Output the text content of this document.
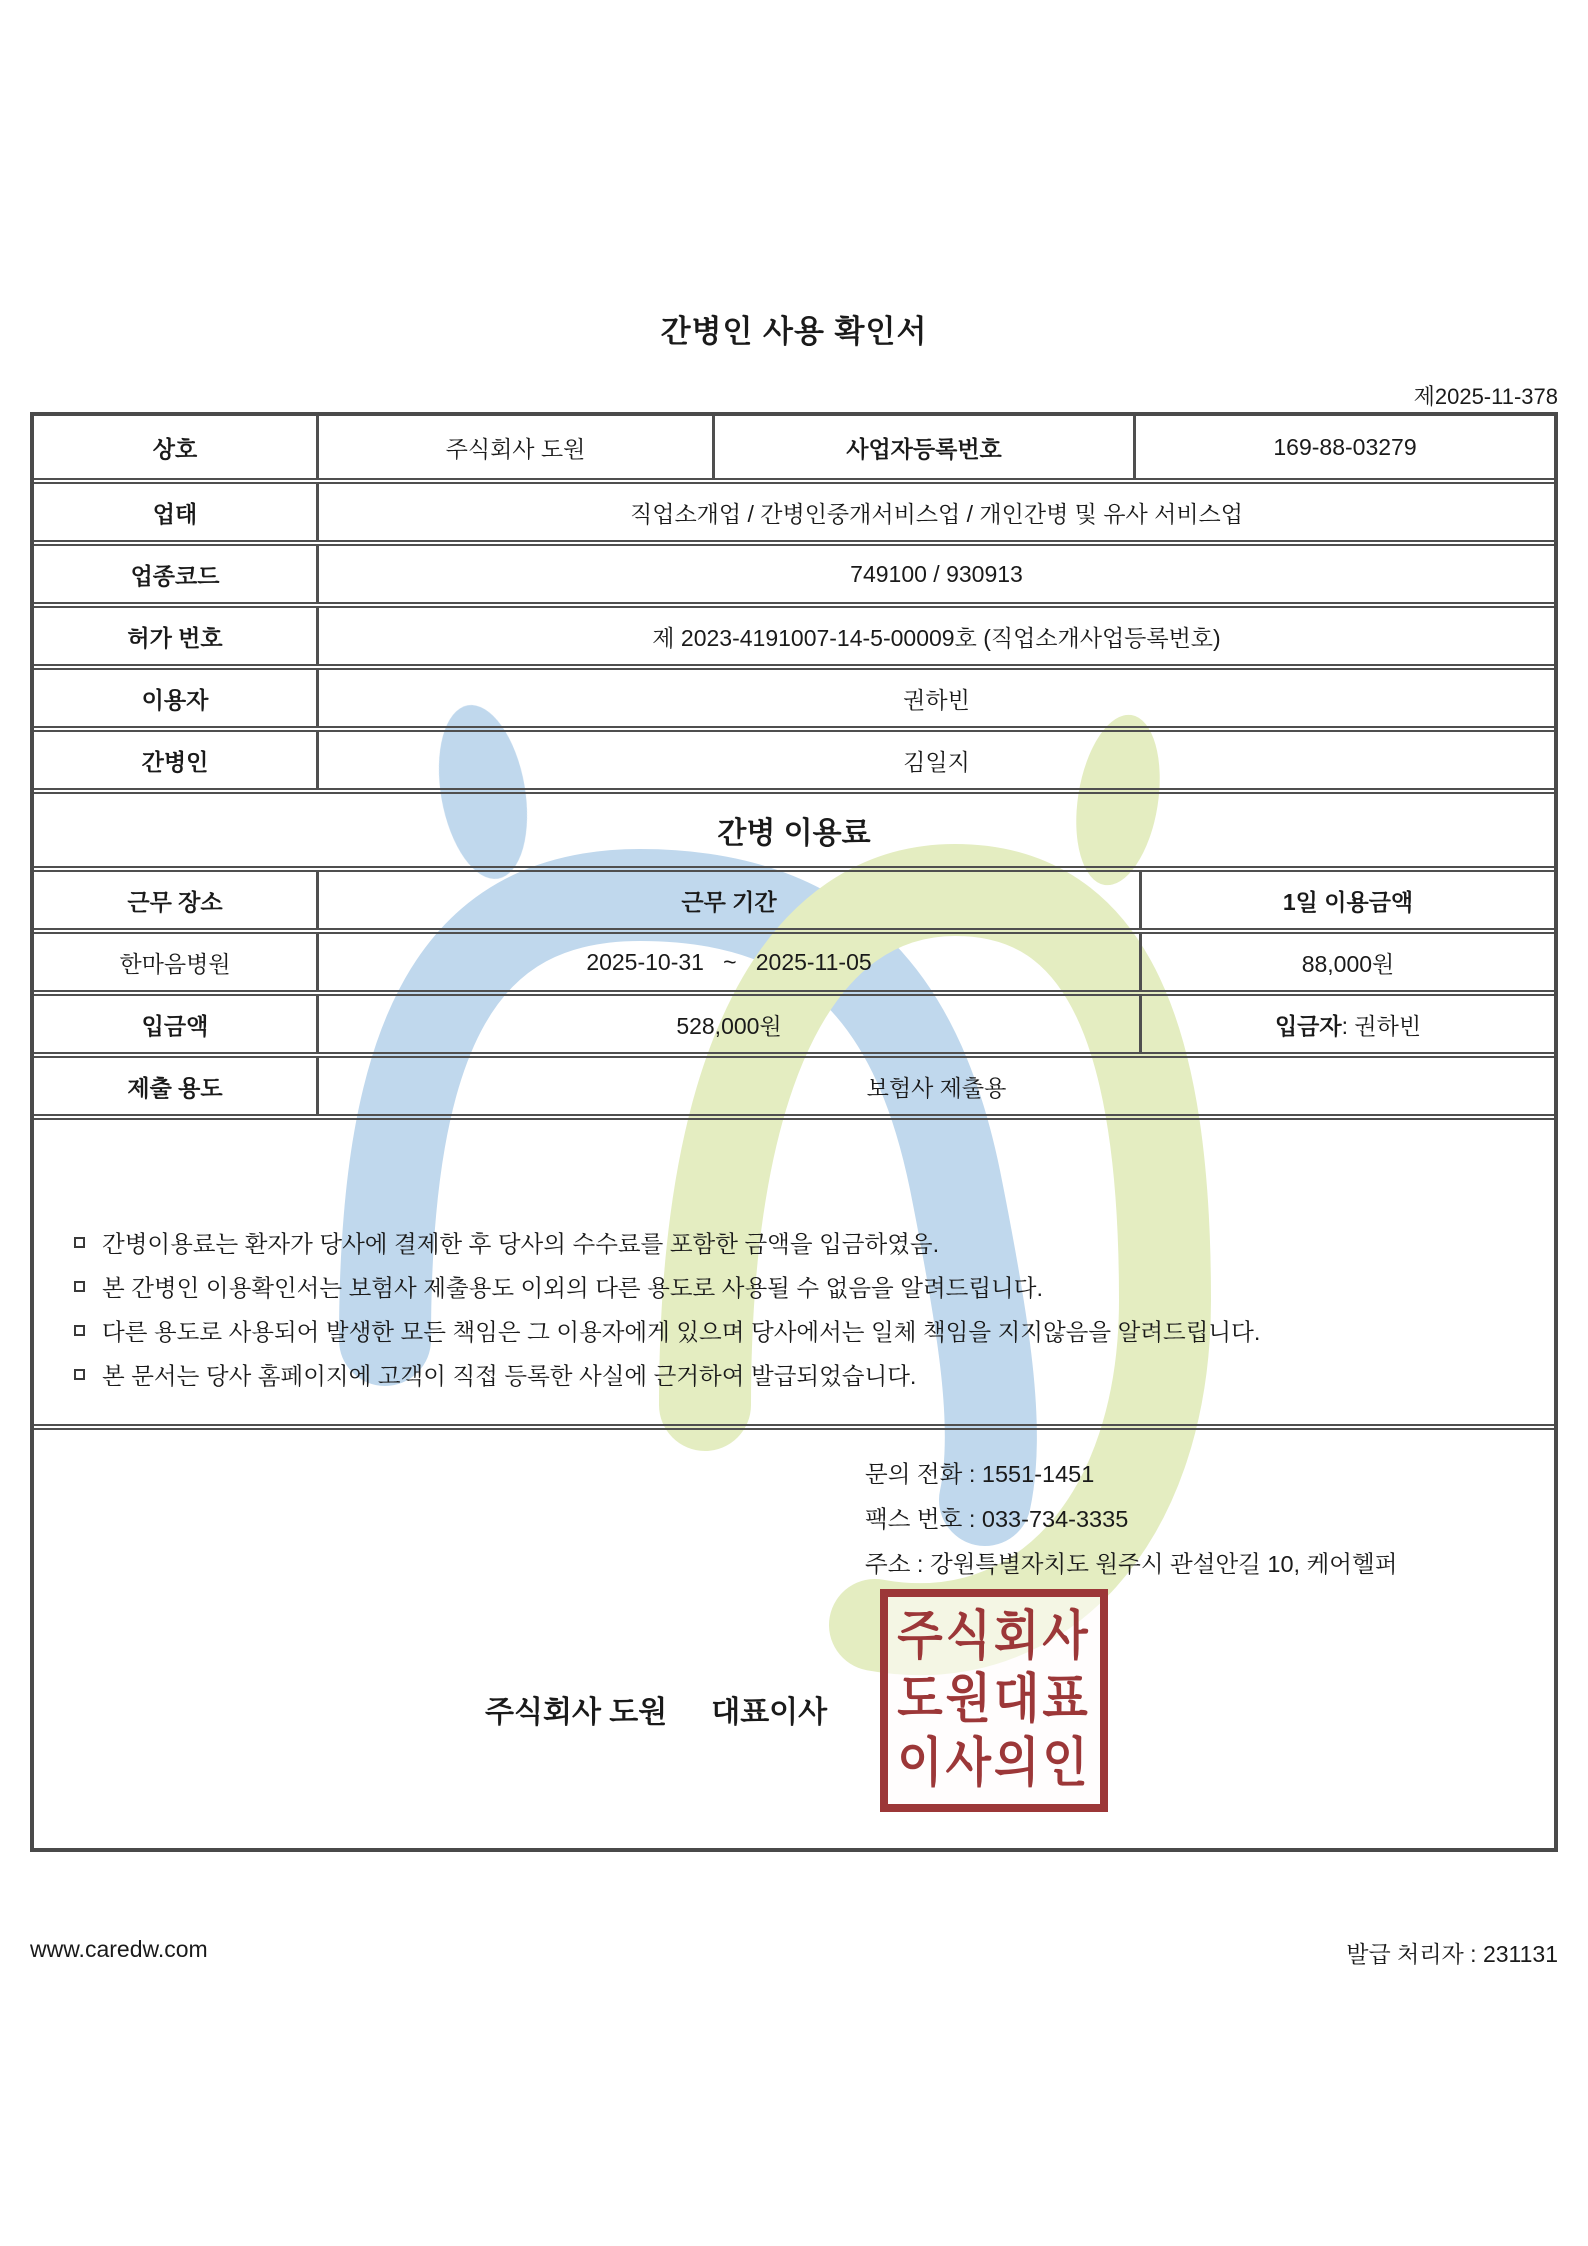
간병인 사용 확인서
제2025-11-378
상호	주식회사 도원	사업자등록번호	169-88-03279
업태	직업소개업 / 간병인중개서비스업 / 개인간병 및 유사 서비스업
업종코드	749100 / 930913
허가 번호	제 2023-4191007-14-5-00009호 (직업소개사업등록번호)
이용자	권하빈
간병인	김일지
간병 이용료
근무 장소	근무 기간	1일 이용금액
한마음병원	2025-10-31   ~   2025-11-05	88,000원
입금액	528,000원	입금자 : 권하빈
제출 용도	보험사 제출용
간병이용료는 환자가 당사에 결제한 후 당사의 수수료를 포함한 금액을 입금하였음.
본 간병인 이용확인서는 보험사 제출용도 이외의 다른 용도로 사용될 수 없음을 알려드립니다.
다른 용도로 사용되어 발생한 모든 책임은 그 이용자에게 있으며 당사에서는 일체 책임을 지지않음을 알려드립니다.
본 문서는 당사 홈페이지에 고객이 직접 등록한 사실에 근거하여 발급되었습니다.
문의 전화 : 1551-1451
팩스 번호 : 033-734-3335
주소 : 강원특별자치도 원주시 관설안길 10, 케어헬퍼
주식회사 도원 대표이사
주식회사
도원대표
이사의인
www.caredw.com	발급 처리자 : 231131
